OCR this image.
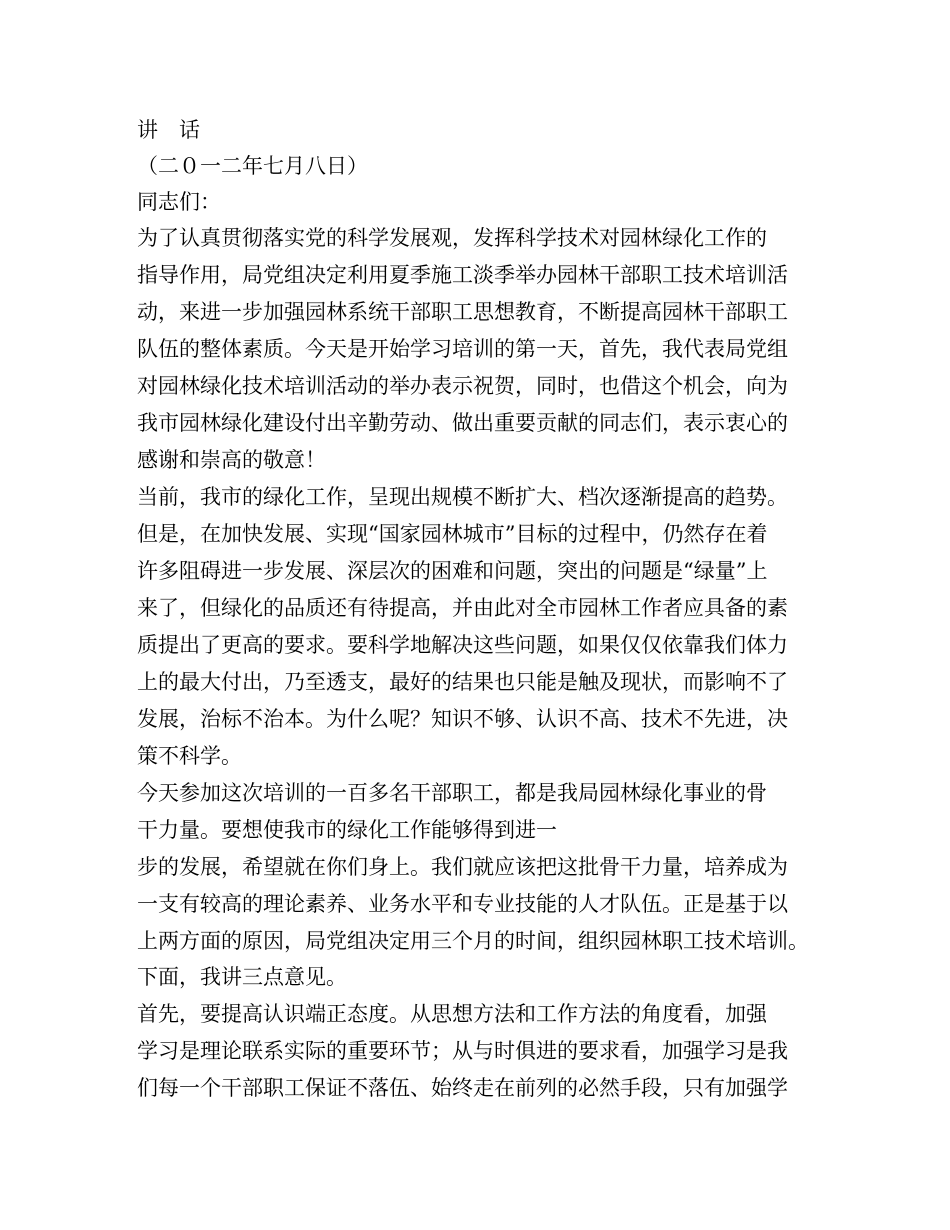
讲　话
（二０一二年七月八日）
同志们：
为了认真贯彻落实党的科学发展观，发挥科学技术对园林绿化工作的
指导作用，局党组决定利用夏季施工淡季举办园林干部职工技术培训活
动，来进一步加强园林系统干部职工思想教育，不断提高园林干部职工
队伍的整体素质。今天是开始学习培训的第一天，首先，我代表局党组
对园林绿化技术培训活动的举办表示祝贺，同时，也借这个机会，向为
我市园林绿化建设付出辛勤劳动、做出重要贡献的同志们，表示衷心的
感谢和崇高的敬意！
当前，我市的绿化工作，呈现出规模不断扩大、档次逐渐提高的趋势。
但是，在加快发展、实现“国家园林城市”目标的过程中，仍然存在着
许多阻碍进一步发展、深层次的困难和问题，突出的问题是“绿量”上
来了，但绿化的品质还有待提高，并由此对全市园林工作者应具备的素
质提出了更高的要求。要科学地解决这些问题，如果仅仅依靠我们体力
上的最大付出，乃至透支，最好的结果也只能是触及现状，而影响不了
发展，治标不治本。为什么呢？知识不够、认识不高、技术不先进，决
策不科学。
今天参加这次培训的一百多名干部职工，都是我局园林绿化事业的骨
干力量。要想使我市的绿化工作能够得到进一
步的发展，希望就在你们身上。我们就应该把这批骨干力量，培养成为
一支有较高的理论素养、业务水平和专业技能的人才队伍。正是基于以
上两方面的原因，局党组决定用三个月的时间，组织园林职工技术培训。
下面，我讲三点意见。
首先，要提高认识端正态度。从思想方法和工作方法的角度看，加强
学习是理论联系实际的重要环节；从与时俱进的要求看，加强学习是我
们每一个干部职工保证不落伍、始终走在前列的必然手段，只有加强学
